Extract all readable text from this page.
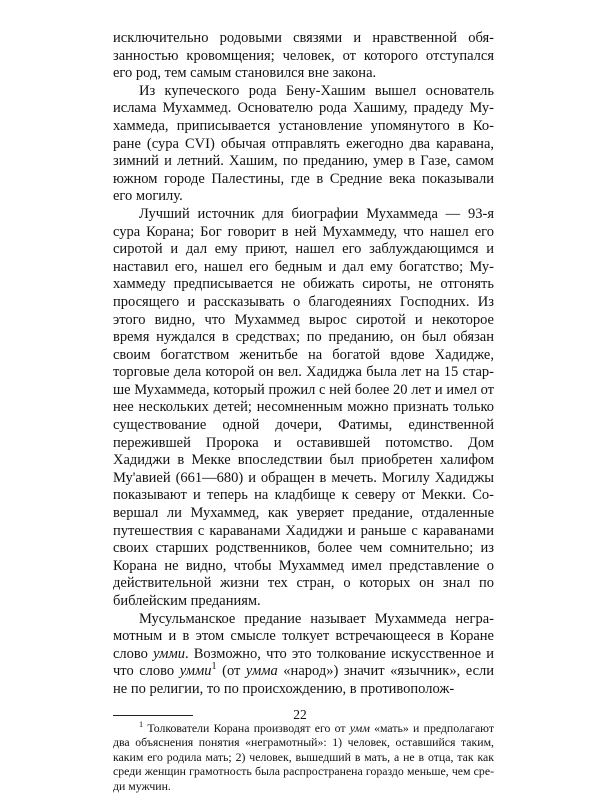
исключительно родовыми связями и нравственной обязанностью кровомщения; человек, от которого отступался его род, тем самым становился вне закона.

Из купеческого рода Бену-Хашим вышел основатель ислама Мухаммед. Основателю рода Хашиму, прадеду Мухаммеда, приписывается установление упомянутого в Коране (сура CVI) обычая отправлять ежегодно два каравана, зимний и летний. Хашим, по преданию, умер в Газе, самом южном городе Палестины, где в Средние века показывали его могилу.

Лучший источник для биографии Мухаммеда — 93-я сура Корана; Бог говорит в ней Мухаммеду, что нашел его сиротой и дал ему приют, нашел его заблуждающимся и наставил его, нашел его бедным и дал ему богатство; Мухаммеду предписывается не обижать сироты, не отгонять просящего и рассказывать о благодеяниях Господних. Из этого видно, что Мухаммед вырос сиротой и некоторое время нуждался в средствах; по преданию, он был обязан своим богатством женитьбе на богатой вдове Хадидже, торговые дела которой он вел. Хадиджа была лет на 15 старше Мухаммеда, который прожил с ней более 20 лет и имел от нее нескольких детей; несомненным можно признать только существование одной дочери, Фатимы, единственной пережившей Пророка и оставившей потомство. Дом Хадиджи в Мекке впоследствии был приобретен халифом Му'авией (661—680) и обращен в мечеть. Могилу Хадиджы показывают и теперь на кладбище к северу от Мекки. Совершал ли Мухаммед, как уверяет предание, отдаленные путешествия с караванами Хадиджи и раньше с караванами своих старших родственников, более чем сомнительно; из Корана не видно, чтобы Мухаммед имел представление о действительной жизни тех стран, о которых он знал по библейским преданиям.

Мусульманское предание называет Мухаммеда неграмотным и в этом смысле толкует встречающееся в Коране слово умми. Возможно, что это толкование искусственное и что слово умми$^1$ (от умма «народ») значит «язычник», если не по религии, то по происхождению, в противополож-

$^1$ Толкователи Корана производят его от умм «мать» и предполагают два объяснения понятия «неграмотный»: 1) человек, оставшийся таким, каким его родила мать; 2) человек, вышедший в мать, а не в отца, так как среди женщин грамотность была распространена гораздо меньше, чем среди мужчин.

22
